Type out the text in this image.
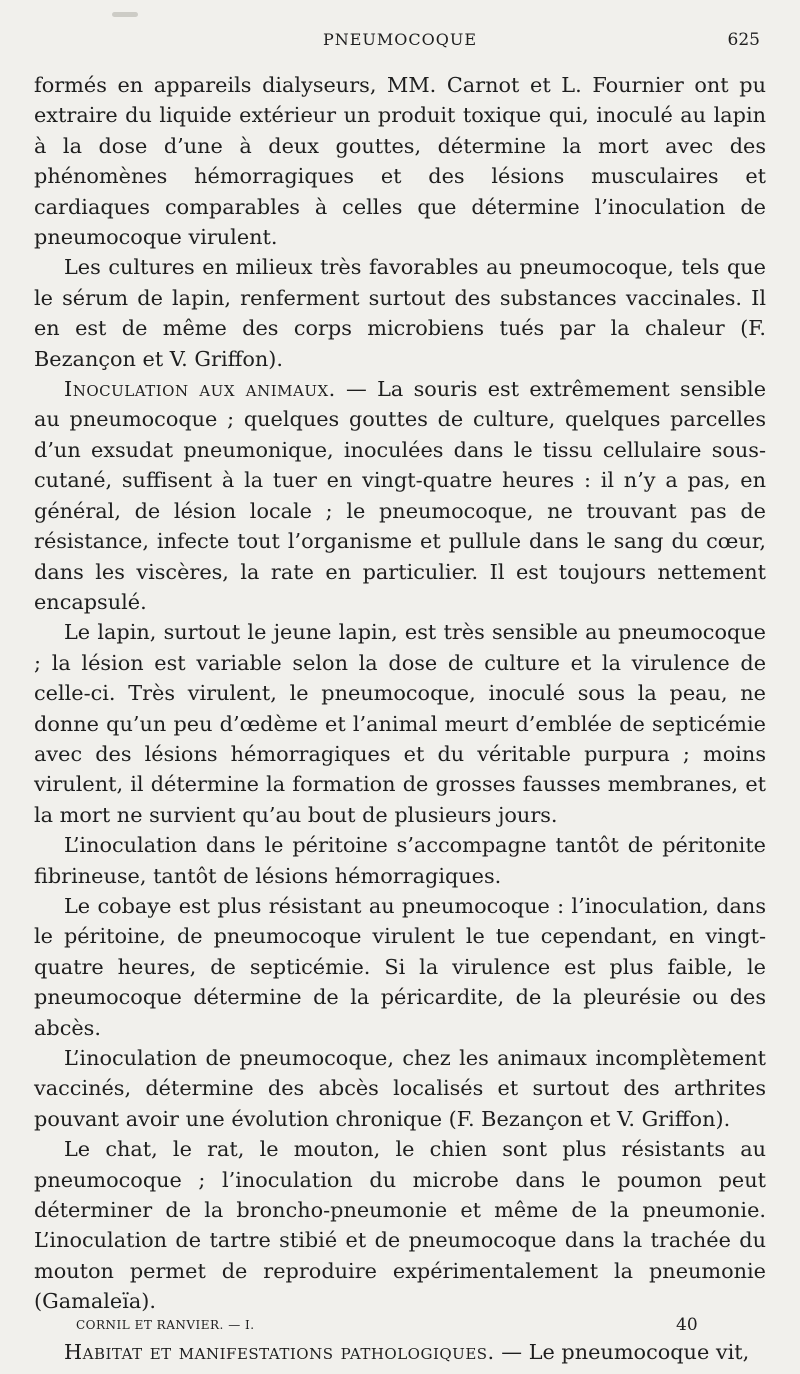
PNEUMOCOQUE	625

formés en appareils dialyseurs, MM. Carnot et L. Fournier ont pu extraire du liquide extérieur un produit toxique qui, inoculé au lapin à la dose d’une à deux gouttes, détermine la mort avec des phénomènes hémorragiques et des lésions musculaires et cardiaques comparables à celles que détermine l’inoculation de pneumocoque virulent.

Les cultures en milieux très favorables au pneumocoque, tels que le sérum de lapin, renferment surtout des substances vaccinales. Il en est de même des corps microbiens tués par la chaleur (F. Bezançon et V. Griffon).

Inoculation aux animaux. — La souris est extrêmement sensible au pneumocoque ; quelques gouttes de culture, quelques parcelles d’un exsudat pneumonique, inoculées dans le tissu cellulaire sous-cutané, suffisent à la tuer en vingt-quatre heures : il n’y a pas, en général, de lésion locale ; le pneumocoque, ne trouvant pas de résistance, infecte tout l’organisme et pullule dans le sang du cœur, dans les viscères, la rate en particulier. Il est toujours nettement encapsulé.

Le lapin, surtout le jeune lapin, est très sensible au pneumocoque ; la lésion est variable selon la dose de culture et la virulence de celle-ci. Très virulent, le pneumocoque, inoculé sous la peau, ne donne qu’un peu d’œdème et l’animal meurt d’emblée de septicémie avec des lésions hémorragiques et du véritable purpura ; moins virulent, il détermine la formation de grosses fausses membranes, et la mort ne survient qu’au bout de plusieurs jours.

L’inoculation dans le péritoine s’accompagne tantôt de péritonite fibrineuse, tantôt de lésions hémorragiques.

Le cobaye est plus résistant au pneumocoque : l’inoculation, dans le péritoine, de pneumocoque virulent le tue cependant, en vingt-quatre heures, de septicémie. Si la virulence est plus faible, le pneumocoque détermine de la péricardite, de la pleurésie ou des abcès.

L’inoculation de pneumocoque, chez les animaux incomplètement vaccinés, détermine des abcès localisés et surtout des arthrites pouvant avoir une évolution chronique (F. Bezançon et V. Griffon).

Le chat, le rat, le mouton, le chien sont plus résistants au pneumocoque ; l’inoculation du microbe dans le poumon peut déterminer de la broncho-pneumonie et même de la pneumonie. L’inoculation de tartre stibié et de pneumocoque dans la trachée du mouton permet de reproduire expérimentalement la pneumonie (Gamaleïa).

Habitat et manifestations pathologiques. — Le pneumocoque vit,

CORNIL ET RANVIER. — I.	40
